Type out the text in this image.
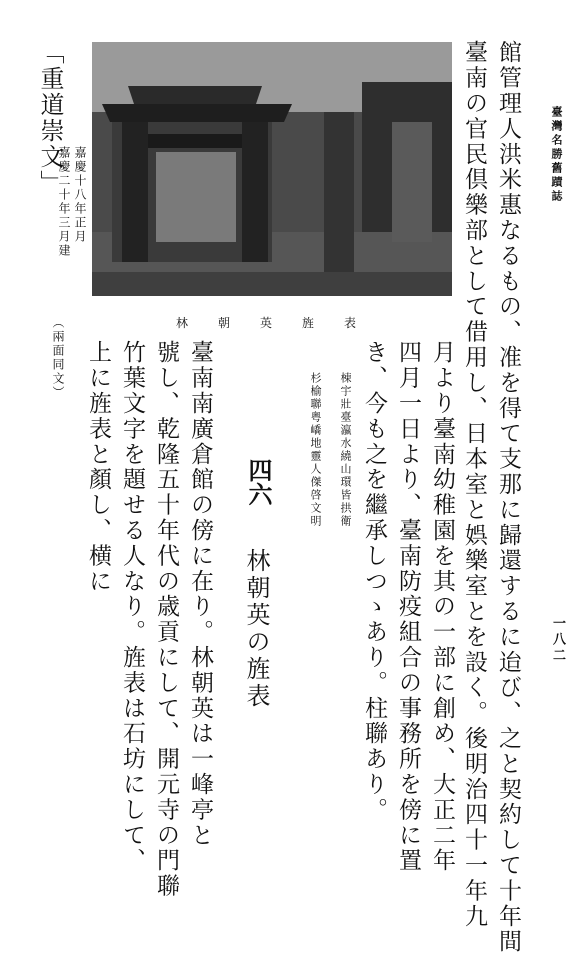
臺灣名勝舊蹟誌
一八二
館管理人洪米惠なるもの、准を得て支那に歸還するに迨び、之と契約して十年間
臺南の官民倶樂部として借用し、日本室と娯樂室とを設く。後明治四十一年九
林朝英旌表
月より臺南幼稚園を其の一部に創め、大正二年
四月一日より、臺南防疫組合の事務所を傍に置
き、今も之を繼承しつゝあり。柱聯あり。
棟宇壯臺瀛水繞山環皆拱衛
杉榆聯粤嶠地靈人傑啓文明
四六
林朝英の旌表
臺南南廣倉館の傍に在り。林朝英は一峰亭と
號し、乾隆五十年代の歳貢にして、開元寺の門聯
竹葉文字を題せる人なり。旌表は石坊にして、
上に旌表と顏し、横に
「重道崇文」 嘉慶十八年正月
嘉慶二十年三月建
（兩面同文）
